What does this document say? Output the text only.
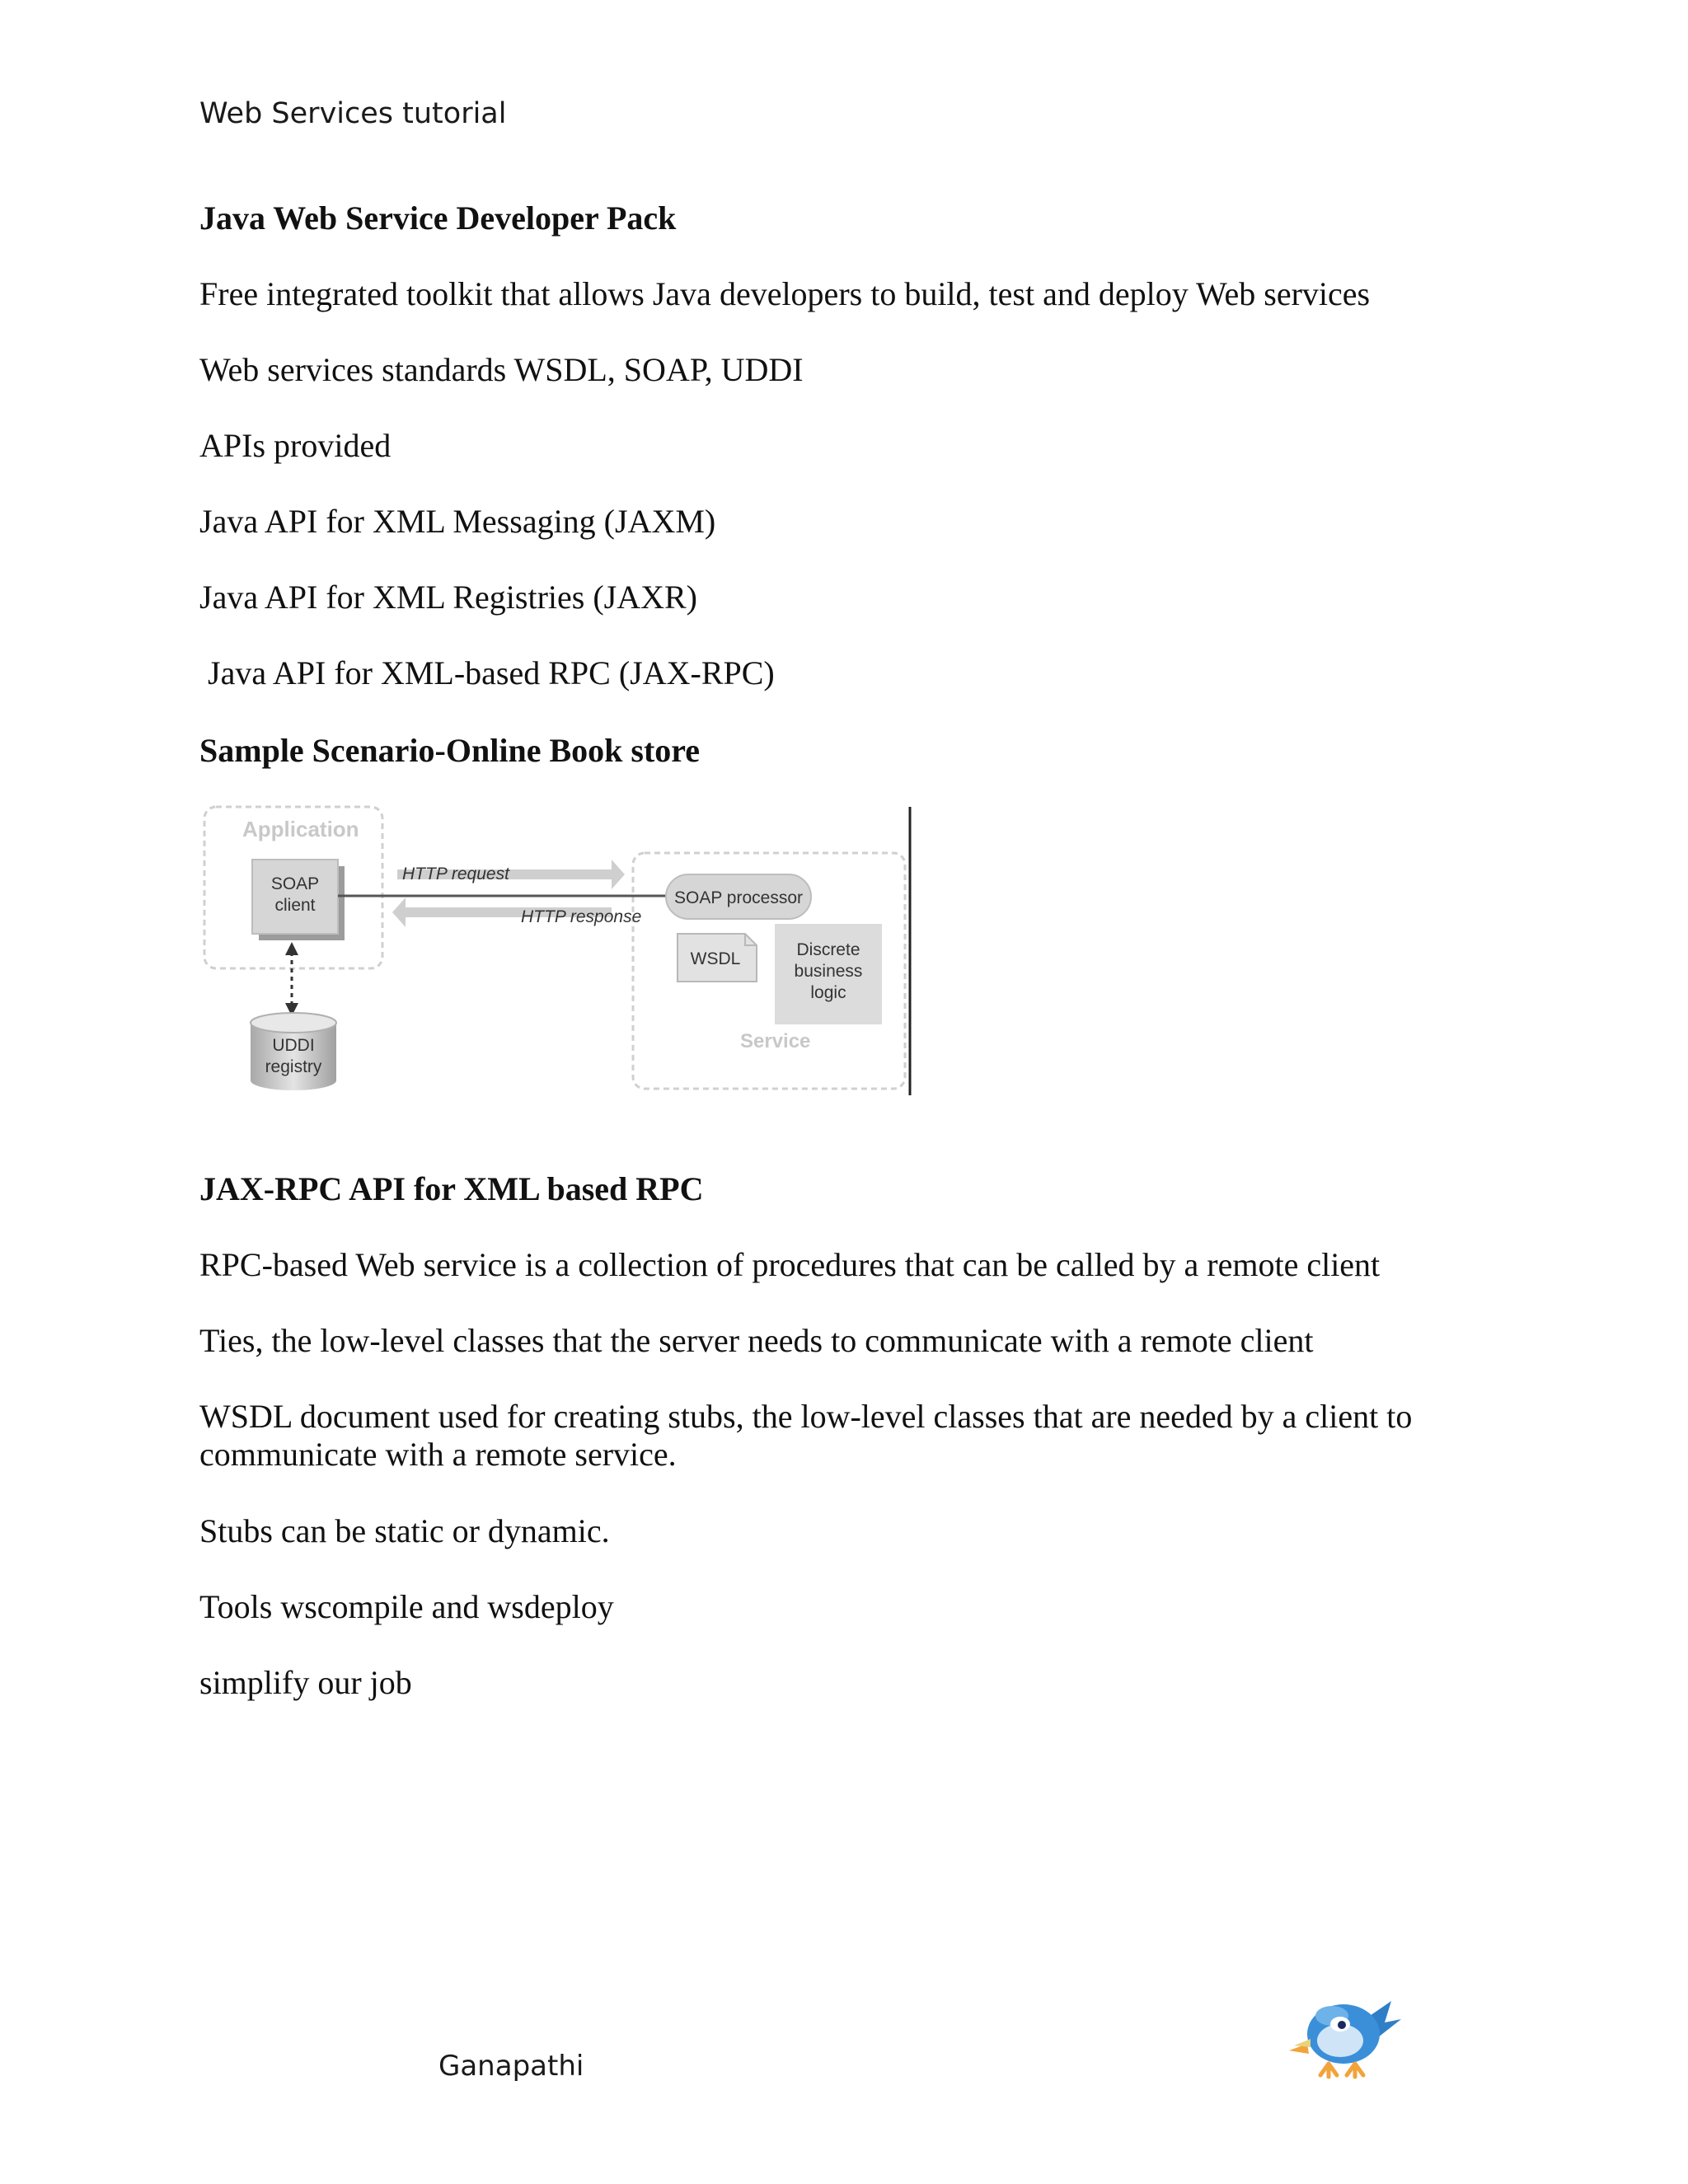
Web Services tutorial
Java Web Service Developer Pack
Free integrated toolkit that allows Java developers to build, test and deploy Web services
Web services standards WSDL, SOAP, UDDI
APIs provided
Java API for XML Messaging (JAXM)
Java API for XML Registries (JAXR)
Java API for XML-based RPC (JAX-RPC)
Sample Scenario-Online Book store
Application
SOAP
client
Service
HTTP request
HTTP response
SOAP processor
WSDL	Discrete
business
logic
UDDI
registry
JAX-RPC API for XML based RPC
RPC-based Web service is a collection of procedures that can be called by a remote client
Ties, the low-level classes that the server needs to communicate with a remote client
WSDL document used for creating stubs, the low-level classes that are needed by a client to communicate with a remote service.
Stubs can be static or dynamic.
Tools wscompile and wsdeploy
simplify our job
Ganapathi
